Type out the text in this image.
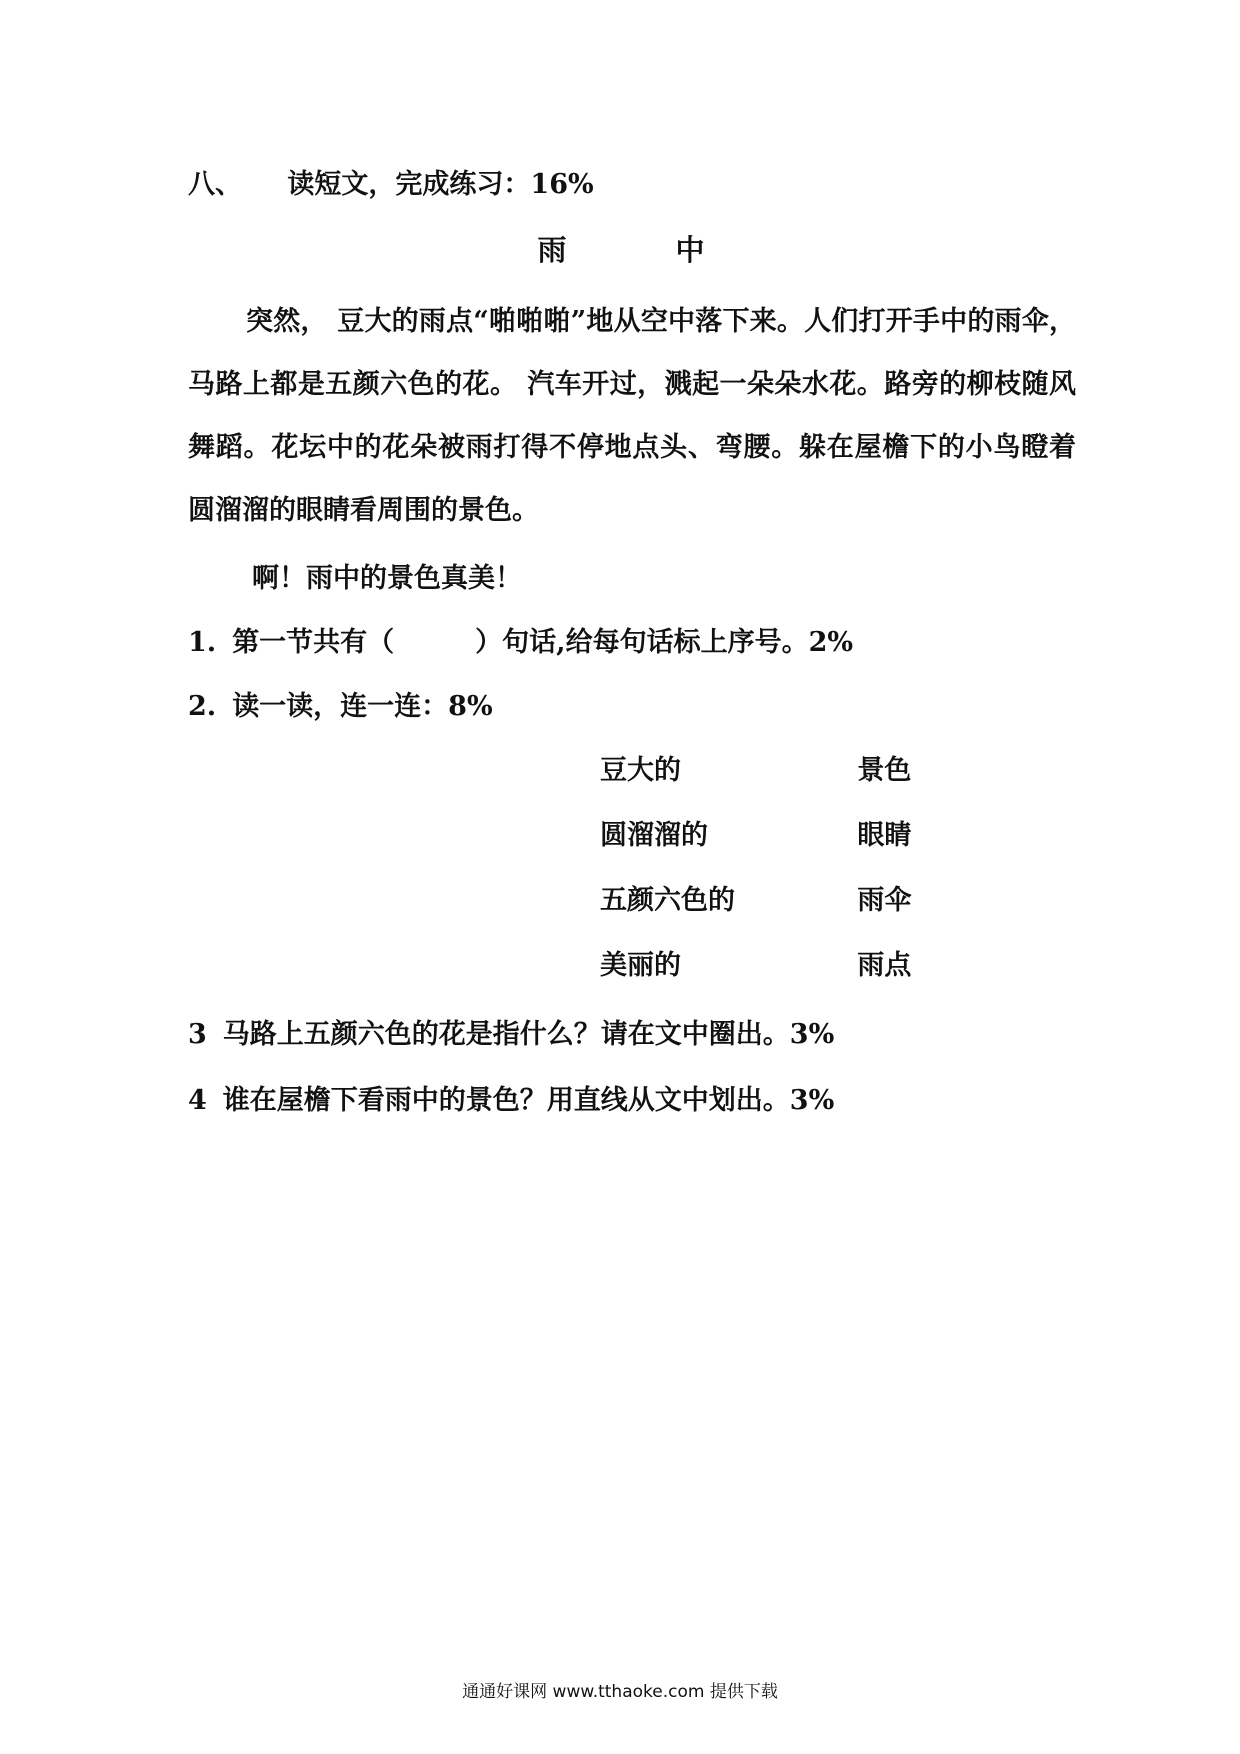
八、 读短文，完成练习：16%
雨　中
突然， 豆大的雨点“啪啪啪”地从空中落下来。人们打开手中的雨伞，马路上都是五颜六色的花。 汽车开过，溅起一朵朵水花。路旁的柳枝随风舞蹈。花坛中的花朵被雨打得不停地点头、弯腰。躲在屋檐下的小鸟瞪着圆溜溜的眼睛看周围的景色。
啊！雨中的景色真美！
1. 第一节共有（　　　）句话,给每句话标上序号。2%
2. 读一读，连一连：8%
豆大的	景色
圆溜溜的	眼睛
五颜六色的	雨伞
美丽的	雨点
3 马路上五颜六色的花是指什么？请在文中圈出。3%
4 谁在屋檐下看雨中的景色？用直线从文中划出。3%
通通好课网 www.tthaoke.com 提供下载
